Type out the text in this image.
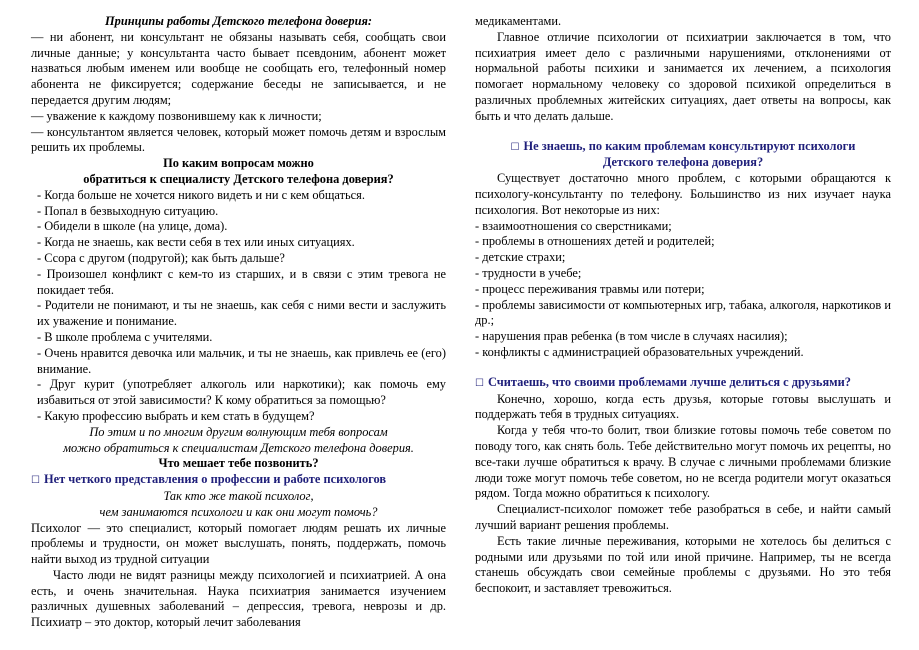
Принципы работы Детского телефона доверия:

— ни абонент, ни консультант не обязаны называть себя, сообщать свои личные данные; у консультанта часто бывает псевдоним, абонент может назваться любым именем или вообще не сообщать его, телефонный номер абонента не фиксируется; содержание беседы не записывается, и не передается другим людям;

— уважение к каждому позвонившему как к личности;

— консультантом является человек, который может помочь детям и взрослым решить их проблемы.

По каким вопросам можно

обратиться к специалисту Детского телефона доверия?

- Когда больше не хочется никого видеть и ни с кем общаться.

- Попал в безвыходную ситуацию.

- Обидели в школе (на улице, дома).

- Когда не знаешь, как вести себя в тех или иных ситуациях.

- Ссора с другом (подругой); как быть дальше?

- Произошел конфликт с кем-то из старших, и в связи с этим тревога не покидает тебя.

- Родители не понимают, и ты не знаешь, как себя с ними вести и заслужить их уважение и понимание.

- В школе проблема с учителями.

- Очень нравится девочка или мальчик, и ты не знаешь, как привлечь ее (его) внимание.

- Друг курит (употребляет алкоголь или наркотики); как помочь ему избавиться от этой зависимости? К кому обратиться за помощью?

- Какую профессию выбрать и кем стать в будущем?

По этим и по многим другим волнующим тебя вопросам

можно обратиться к специалистам Детского телефона доверия.

Что мешает тебе позвонить?

☐ Нет четкого представления о профессии и работе психологов

Так кто же такой психолог,

чем занимаются психологи и как они могут помочь?

Психолог — это специалист, который помогает людям решать их личные проблемы и трудности, он может выслушать, понять, поддержать, помочь найти выход из трудной ситуации

Часто люди не видят разницы между психологией и психиатрией. А она есть, и очень значительная. Наука психиатрия занимается изучением различных душевных заболеваний – депрессия, тревога, неврозы и др. Психиатр – это доктор, который лечит заболевания

медикаментами.

Главное отличие психологии от психиатрии заключается в том, что психиатрия имеет дело с различными нарушениями, отклонениями от нормальной работы психики и занимается их лечением, а психология помогает нормальному человеку со здоровой психикой определиться в различных проблемных житейских ситуациях, дает ответы на вопросы, как быть и что делать дальше.

☐ Не знаешь, по каким проблемам консультируют психологи

Детского телефона доверия?

Существует достаточно много проблем, с которыми обращаются к психологу-консультанту по телефону. Большинство из них изучает наука психология. Вот некоторые из них:

- взаимоотношения со сверстниками;

- проблемы в отношениях детей и родителей;

- детские страхи;

- трудности в учебе;

- процесс переживания травмы или потери;

- проблемы зависимости от компьютерных игр, табака, алкоголя, наркотиков и др.;

- нарушения прав ребенка (в том числе в случаях насилия);

- конфликты с администрацией образовательных учреждений.

☐ Считаешь, что своими проблемами лучше делиться с друзьями?

Конечно, хорошо, когда есть друзья, которые готовы выслушать и поддержать тебя в трудных ситуациях.

Когда у тебя что-то болит, твои близкие готовы помочь тебе советом по поводу того, как снять боль. Тебе действительно могут помочь их рецепты, но все-таки лучше обратиться к врачу. В случае с личными проблемами близкие люди тоже могут помочь тебе советом, но не всегда родители могут оказаться рядом. Тогда можно обратиться к психологу.

Специалист-психолог поможет тебе разобраться в себе, и найти самый лучший вариант решения проблемы.

Есть такие личные переживания, которыми не хотелось бы делиться с родными или друзьями по той или иной причине. Например, ты не всегда станешь обсуждать свои семейные проблемы с друзьями. Но это тебя беспокоит, и заставляет тревожиться.
